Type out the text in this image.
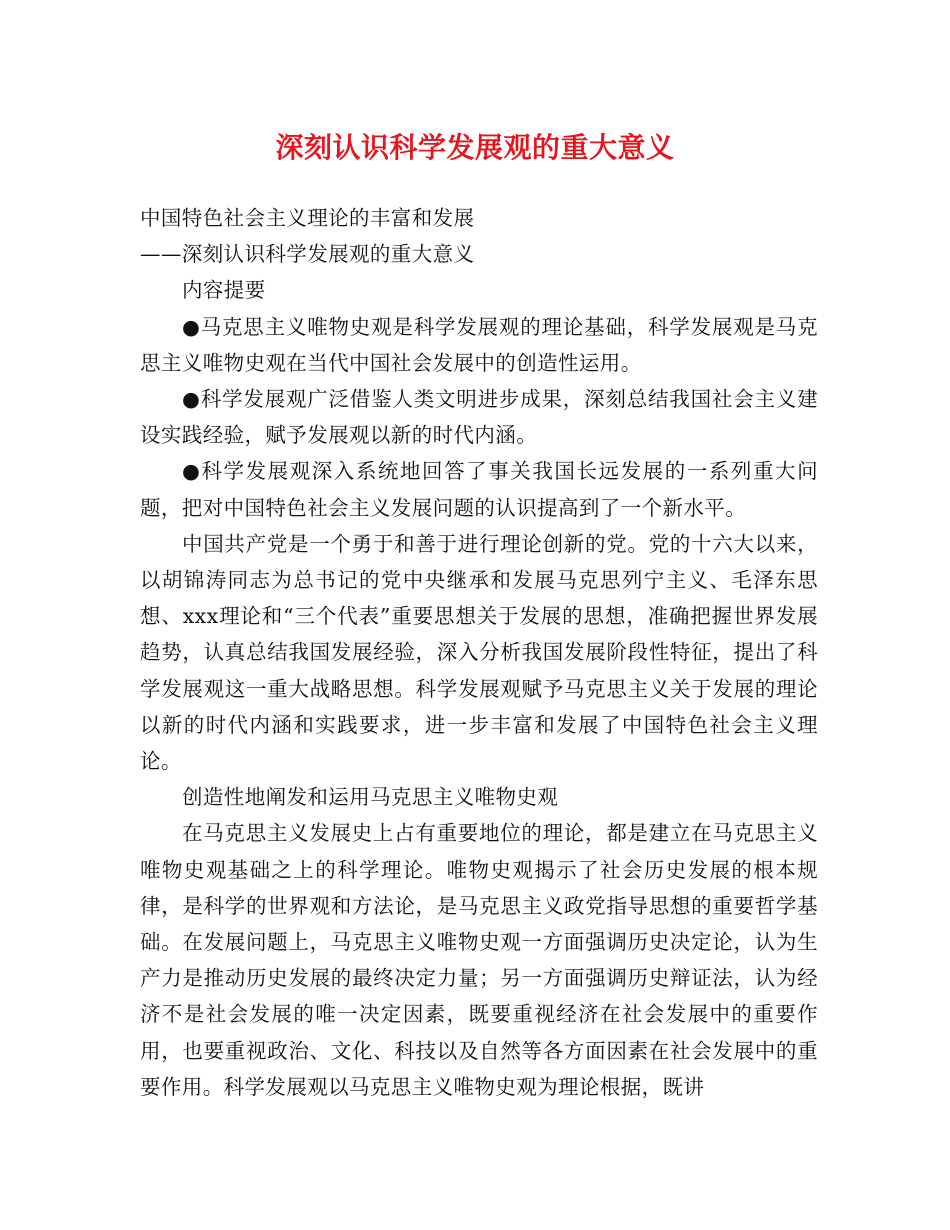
深刻认识科学发展观的重大意义

中国特色社会主义理论的丰富和发展

——深刻认识科学发展观的重大意义

内容提要

●马克思主义唯物史观是科学发展观的理论基础，科学发展观是马克思主义唯物史观在当代中国社会发展中的创造性运用。

●科学发展观广泛借鉴人类文明进步成果，深刻总结我国社会主义建设实践经验，赋予发展观以新的时代内涵。

●科学发展观深入系统地回答了事关我国长远发展的一系列重大问题，把对中国特色社会主义发展问题的认识提高到了一个新水平。

中国共产党是一个勇于和善于进行理论创新的党。党的十六大以来，以胡锦涛同志为总书记的党中央继承和发展马克思列宁主义、毛泽东思想、xxx理论和“三个代表”重要思想关于发展的思想，准确把握世界发展趋势，认真总结我国发展经验，深入分析我国发展阶段性特征，提出了科学发展观这一重大战略思想。科学发展观赋予马克思主义关于发展的理论以新的时代内涵和实践要求，进一步丰富和发展了中国特色社会主义理论。

创造性地阐发和运用马克思主义唯物史观

在马克思主义发展史上占有重要地位的理论，都是建立在马克思主义唯物史观基础之上的科学理论。唯物史观揭示了社会历史发展的根本规律，是科学的世界观和方法论，是马克思主义政党指导思想的重要哲学基础。在发展问题上，马克思主义唯物史观一方面强调历史决定论，认为生产力是推动历史发展的最终决定力量；另一方面强调历史辩证法，认为经济不是社会发展的唯一决定因素，既要重视经济在社会发展中的重要作用，也要重视政治、文化、科技以及自然等各方面因素在社会发展中的重要作用。科学发展观以马克思主义唯物史观为理论根据，既讲
